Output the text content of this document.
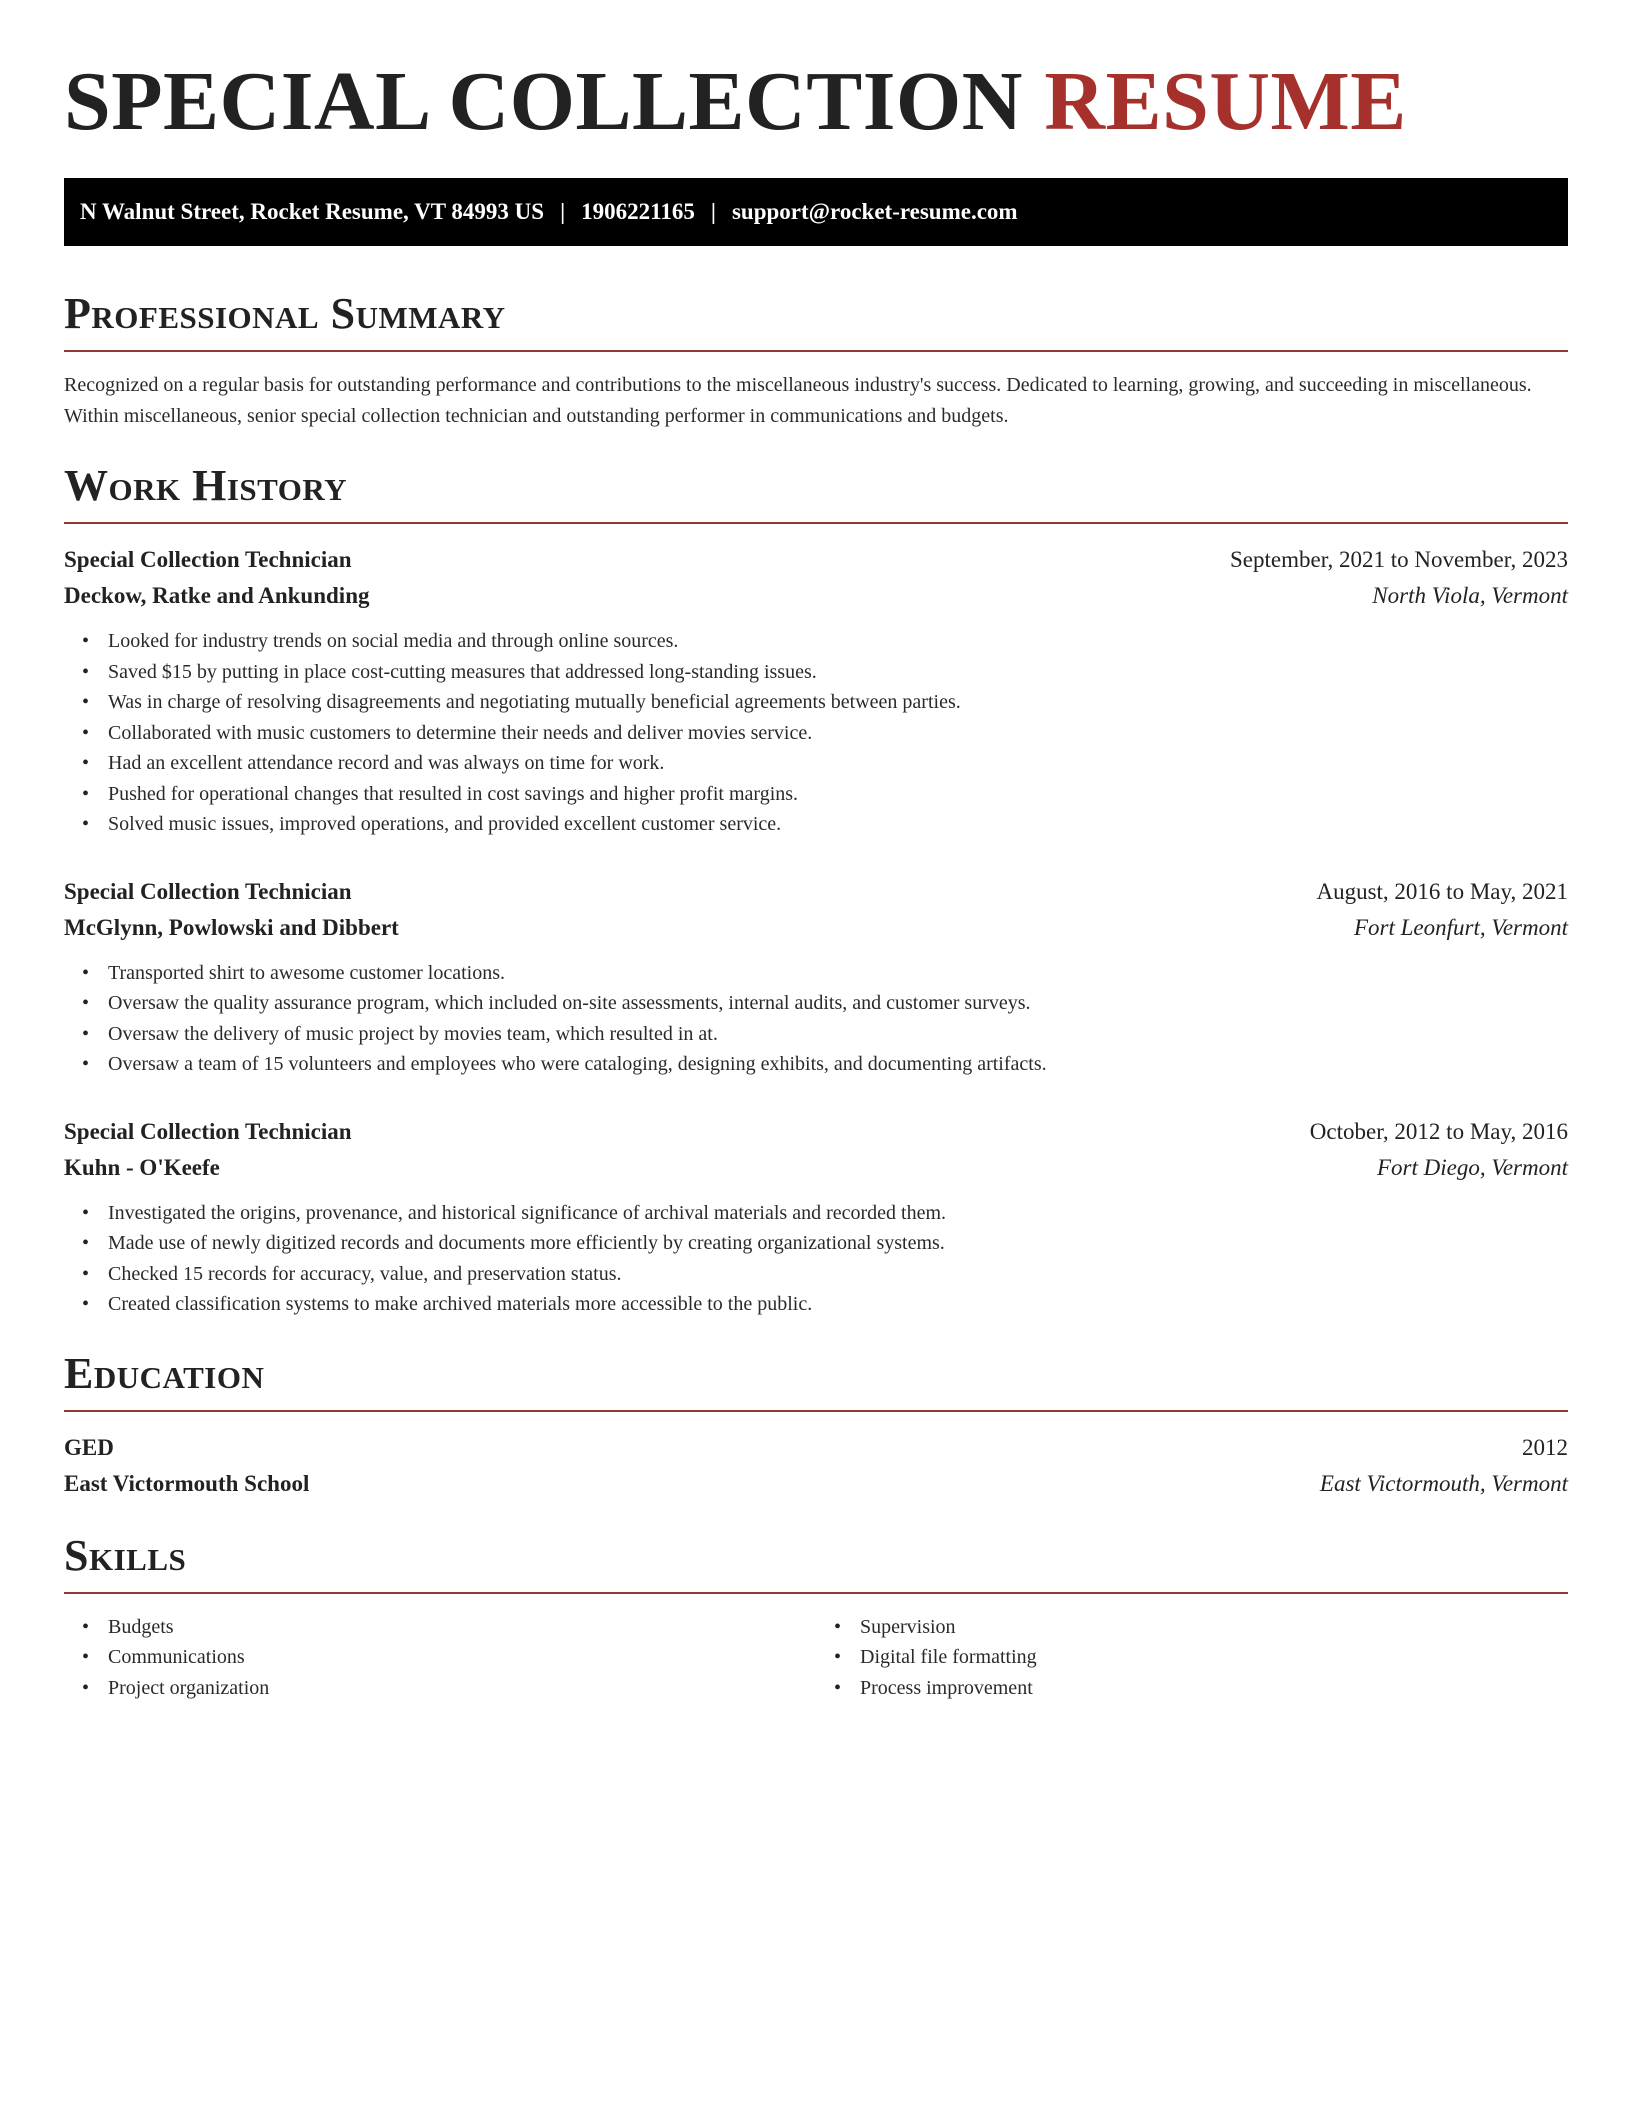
SPECIAL COLLECTION RESUME
N Walnut Street, Rocket Resume, VT 84993 US | 1906221165 | support@rocket-resume.com
Professional Summary

Recognized on a regular basis for outstanding performance and contributions to the miscellaneous industry's success. Dedicated to learning, growing, and succeeding in miscellaneous. Within miscellaneous, senior special collection technician and outstanding performer in communications and budgets.

Work History
Special Collection Technician	September, 2021 to November, 2023
Deckow, Ratke and Ankunding	North Viola, Vermont
• Looked for industry trends on social media and through online sources.
• Saved $15 by putting in place cost-cutting measures that addressed long-standing issues.
• Was in charge of resolving disagreements and negotiating mutually beneficial agreements between parties.
• Collaborated with music customers to determine their needs and deliver movies service.
• Had an excellent attendance record and was always on time for work.
• Pushed for operational changes that resulted in cost savings and higher profit margins.
• Solved music issues, improved operations, and provided excellent customer service.
Special Collection Technician	August, 2016 to May, 2021
McGlynn, Powlowski and Dibbert	Fort Leonfurt, Vermont
• Transported shirt to awesome customer locations.
• Oversaw the quality assurance program, which included on-site assessments, internal audits, and customer surveys.
• Oversaw the delivery of music project by movies team, which resulted in at.
• Oversaw a team of 15 volunteers and employees who were cataloging, designing exhibits, and documenting artifacts.
Special Collection Technician	October, 2012 to May, 2016
Kuhn - O'Keefe	Fort Diego, Vermont
• Investigated the origins, provenance, and historical significance of archival materials and recorded them.
• Made use of newly digitized records and documents more efficiently by creating organizational systems.
• Checked 15 records for accuracy, value, and preservation status.
• Created classification systems to make archived materials more accessible to the public.
Education
GED	2012
East Victormouth School	East Victormouth, Vermont
Skills
• Budgets
• Communications
• Project organization
• Supervision
• Digital file formatting
• Process improvement
